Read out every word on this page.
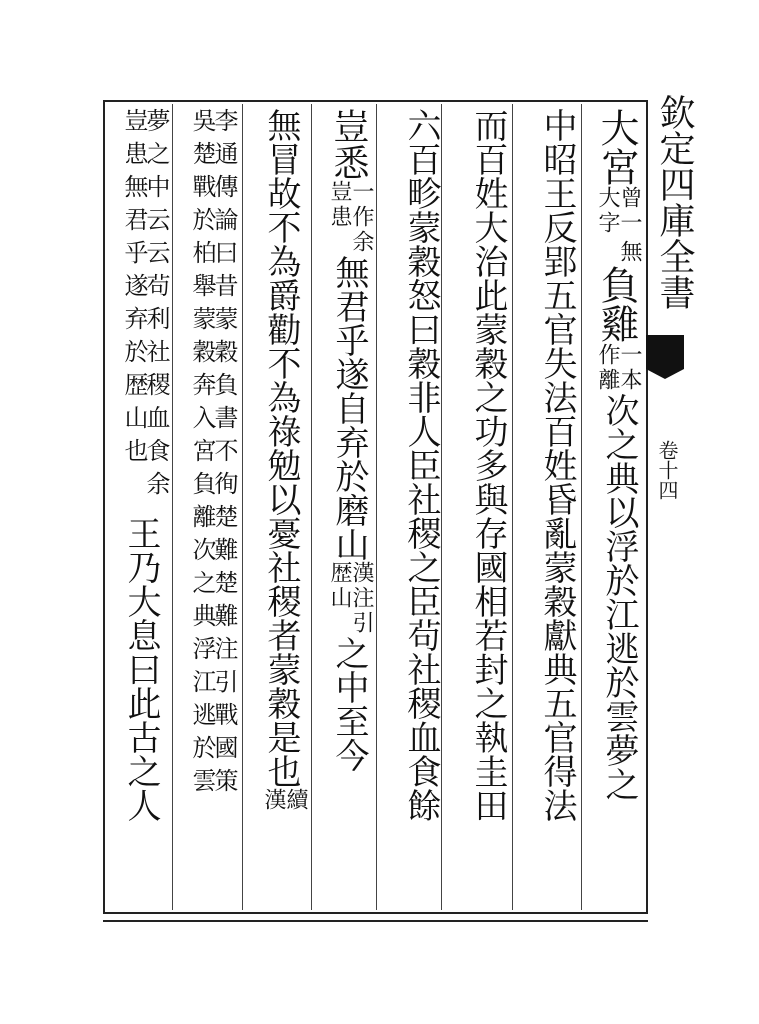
欽定四庫全書
卷十四
大宮
曾一
大字
無
負雞
一本
作離
次之典以浮於江逃於雲夢之
中昭王反郢五官失法百姓昏亂蒙穀獻典五官得法
而百姓大治此蒙穀之功多與存國相若封之執圭田
六百畛蒙穀怒曰穀非人臣社稷之臣茍社稷血食餘
豈悉
一作余
豈患
無君乎遂自弃於磨山
漢注引
歴山
之中至今
無冒故不為爵勸不為祿勉以憂社稷者蒙穀是也
續
漢
李通傳論曰昔蒙穀負書不徇楚難楚難注引戰國策
吳楚戰於柏舉蒙穀奔入宮負離次之典浮江逃於雲
夢之中云云茍利社稷血食余
豈患無君乎遂弃於歴山也
王乃大息曰此古之人
